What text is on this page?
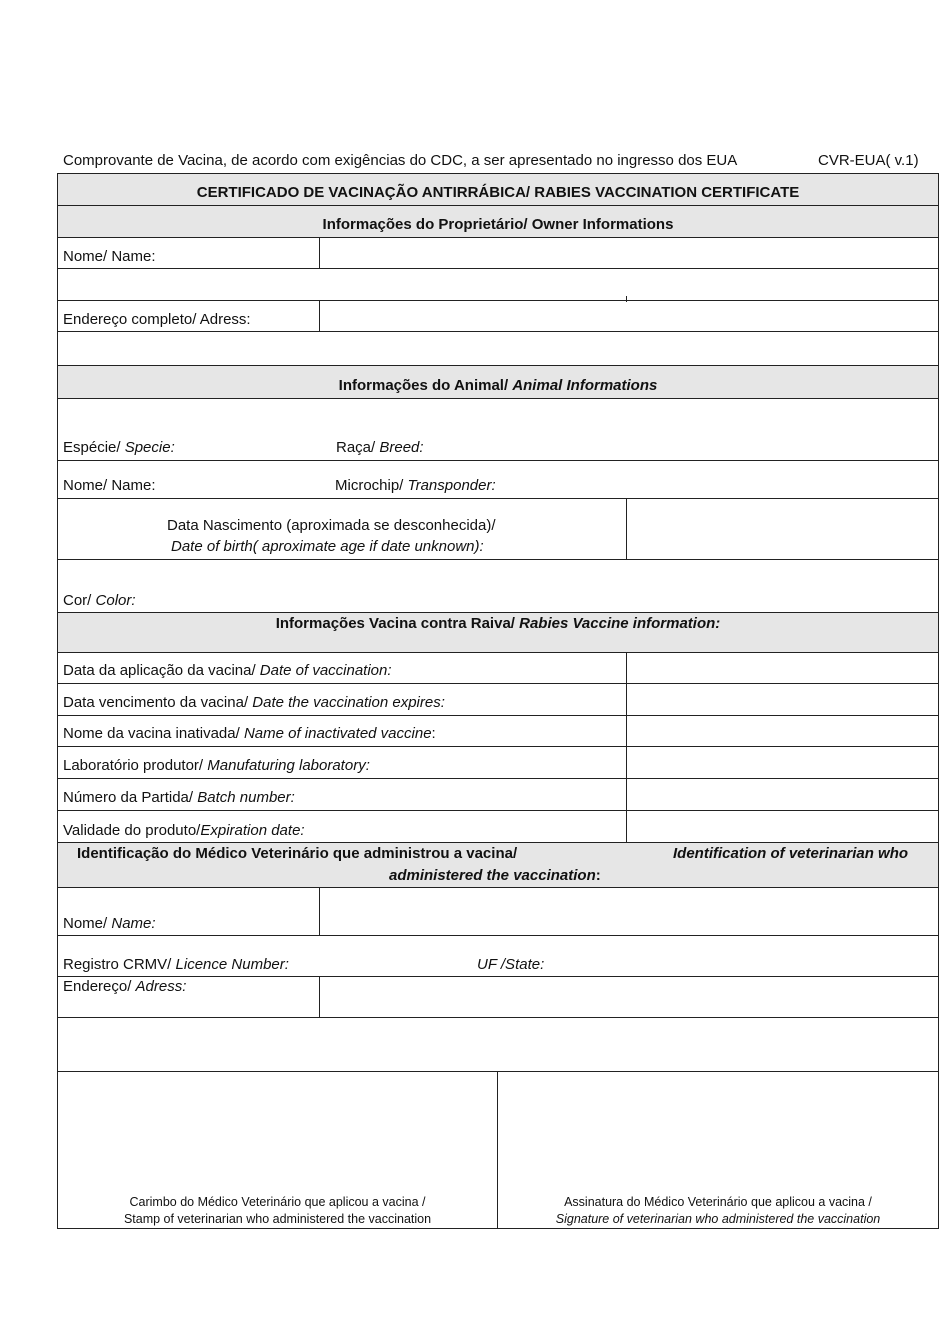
Comprovante de Vacina, de acordo com exigências do CDC, a ser apresentado no ingresso dos EUA	CVR-EUA( v.1)
CERTIFICADO DE VACINAÇÃO ANTIRRÁBICA/ RABIES VACCINATION CERTIFICATE
Informações do Proprietário/ Owner Informations
Nome/ Name:
Endereço completo/ Adress:
Informações do Animal/ Animal Informations
Espécie/ Specie:	Raça/ Breed:
Nome/ Name:	Microchip/ Transponder:
Data Nascimento (aproximada se desconhecida)/
Date of birth( aproximate age if date unknown):
Cor/ Color:
Informações Vacina contra Raiva/ Rabies Vaccine information:
Data da aplicação da vacina/ Date of vaccination:
Data vencimento da vacina/ Date the vaccination expires:
Nome da vacina inativada/ Name of inactivated vaccine:
Laboratório produtor/ Manufaturing laboratory:
Número da Partida/ Batch number:
Validade do produto/Expiration date:
Identificação do Médico Veterinário que administrou a vacina/	Identification of veterinarian who
administered the vaccination:
Nome/ Name:
Registro CRMV/ Licence Number:	UF /State:
Endereço/ Adress:
Carimbo do Médico Veterinário que aplicou a vacina /
Stamp of veterinarian who administered the vaccination
Assinatura do Médico Veterinário que aplicou a vacina /
Signature of veterinarian who administered the vaccination
